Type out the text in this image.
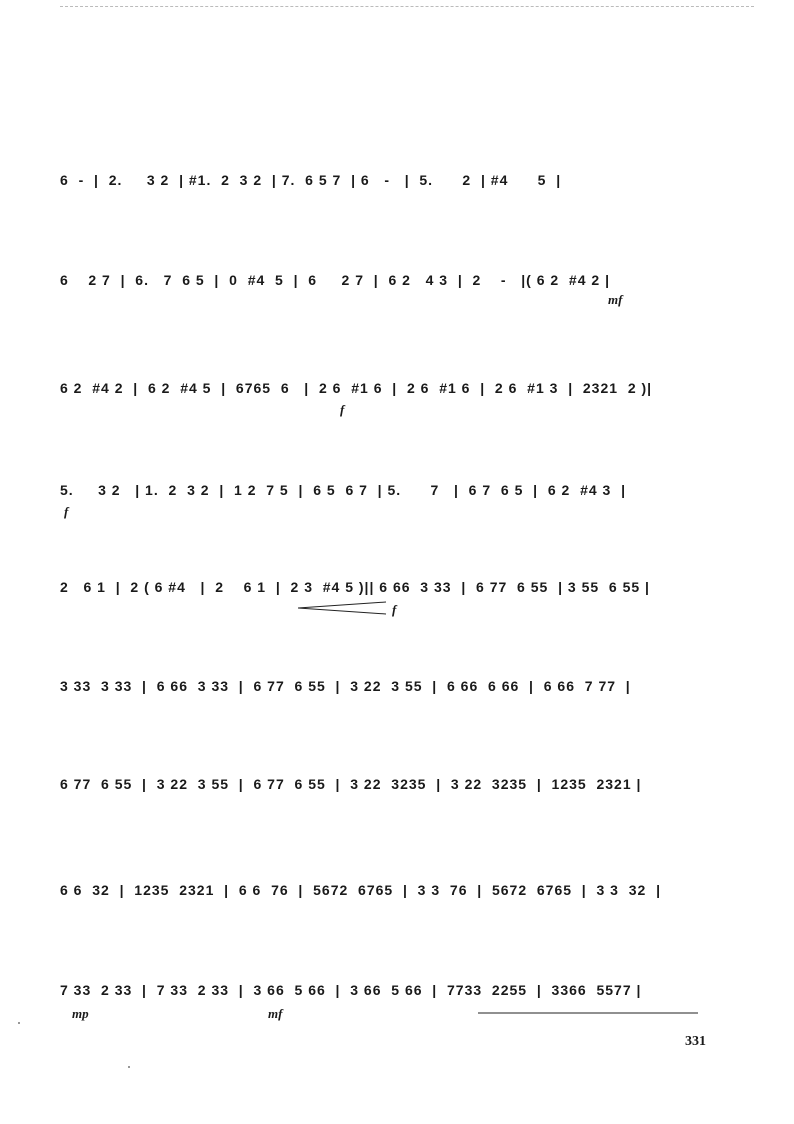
6  -  |  2.     3 2  | #1.  2  3 2  | 7.  6 5 7  | 6   -   |  5.      2  | #4      5  |
6    2 7  |  6.   7  6 5  |  0  #4  5  |  6     2 7  |  6 2   4 3  |  2    -   |( 6 2  #4 2 |
mf
6 2  #4 2  |  6 2  #4 5  |  6765  6   |  2 6  #1 6  |  2 6  #1 6  |  2 6  #1 3  |  2321  2 )|
f
5.     3 2   | 1.  2  3 2  |  1 2  7 5  |  6 5  6 7  | 5.      7   |  6 7  6 5  |  6 2  #4 3  |
f
2   6 1  |  2 ( 6 #4   |  2    6 1  |  2 3  #4 5 )|| 6 66  3 33  |  6 77  6 55  | 3 55  6 55 |
f
3 33  3 33  |  6 66  3 33  |  6 77  6 55  |  3 22  3 55  |  6 66  6 66  |  6 66  7 77  |
6 77  6 55  |  3 22  3 55  |  6 77  6 55  |  3 22  3235  |  3 22  3235  |  1235  2321 |
6 6  32  |  1235  2321  |  6 6  76  |  5672  6765  |  3 3  76  |  5672  6765  |  3 3  32  |
7 33  2 33  |  7 33  2 33  |  3 66  5 66  |  3 66  5 66  |  7733  2255  |  3366  5577 |
mp	mf
331
